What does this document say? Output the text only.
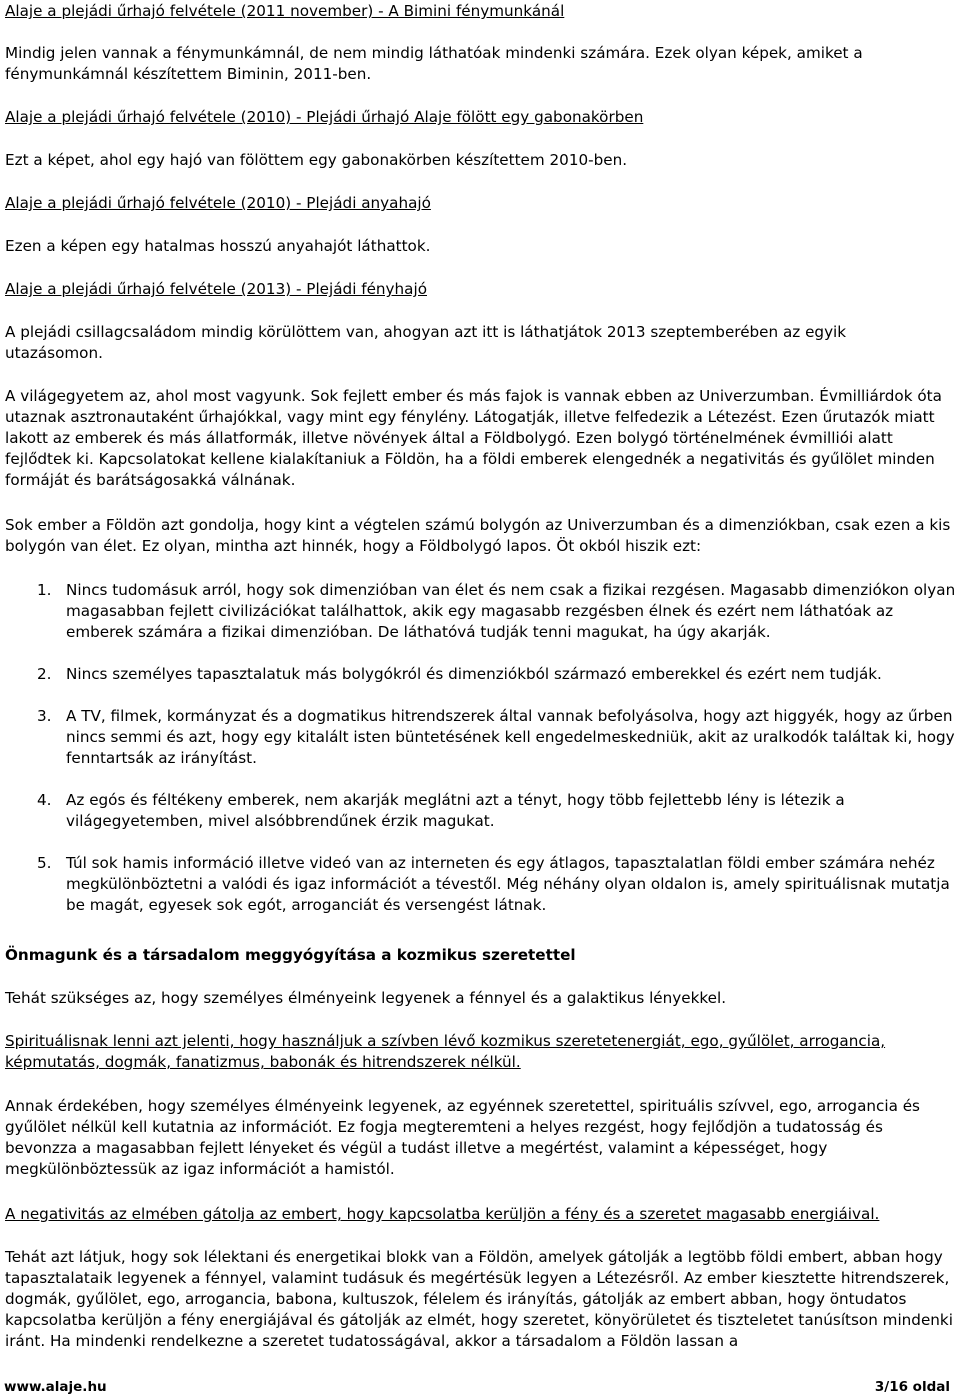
Alaje a plejádi űrhajó felvétele (2011 november) - A Bimini fénymunkánál

Mindig jelen vannak a fénymunkámnál, de nem mindig láthatóak mindenki számára. Ezek olyan képek, amiket a fénymunkámnál készítettem Biminin, 2011-ben.

Alaje a plejádi űrhajó felvétele (2010) - Plejádi űrhajó Alaje fölött egy gabonakörben

Ezt a képet, ahol egy hajó van fölöttem egy gabonakörben készítettem 2010-ben.

Alaje a plejádi űrhajó felvétele (2010) - Plejádi anyahajó

Ezen a képen egy hatalmas hosszú anyahajót láthattok.

Alaje a plejádi űrhajó felvétele (2013) - Plejádi fényhajó

A plejádi csillagcsaládom mindig körülöttem van, ahogyan azt itt is láthatjátok 2013 szeptemberében az egyik utazásomon.

A világegyetem az, ahol most vagyunk. Sok fejlett ember és más fajok is vannak ebben az Univerzumban. Évmilliárdok óta utaznak asztronautaként űrhajókkal, vagy mint egy fénylény. Látogatják, illetve felfedezik a Létezést. Ezen űrutazók miatt lakott az emberek és más állatformák, illetve növények által a Földbolygó. Ezen bolygó történelmének évmilliói alatt fejlődtek ki. Kapcsolatokat kellene kialakítaniuk a Földön, ha a földi emberek elengednék a negativitás és gyűlölet minden formáját és barátságosakká válnának.

Sok ember a Földön azt gondolja, hogy kint a végtelen számú bolygón az Univerzumban és a dimenziókban, csak ezen a kis bolygón van élet. Ez olyan, mintha azt hinnék, hogy a Földbolygó lapos. Öt okból hiszik ezt:

1. Nincs tudomásuk arról, hogy sok dimenzióban van élet és nem csak a fizikai rezgésen. Magasabb dimenziókon olyan magasabban fejlett civilizációkat találhattok, akik egy magasabb rezgésben élnek és ezért nem láthatóak az emberek számára a fizikai dimenzióban. De láthatóvá tudják tenni magukat, ha úgy akarják.

2. Nincs személyes tapasztalatuk más bolygókról és dimenziókból származó emberekkel és ezért nem tudják.

3. A TV, filmek, kormányzat és a dogmatikus hitrendszerek által vannak befolyásolva, hogy azt higgyék, hogy az űrben nincs semmi és azt, hogy egy kitalált isten büntetésének kell engedelmeskedniük, akit az uralkodók találtak ki, hogy fenntartsák az irányítást.

4. Az egós és féltékeny emberek, nem akarják meglátni azt a tényt, hogy több fejlettebb lény is létezik a világegyetemben, mivel alsóbbrendűnek érzik magukat.

5. Túl sok hamis információ illetve videó van az interneten és egy átlagos, tapasztalatlan földi ember számára nehéz megkülönböztetni a valódi és igaz információt a tévestől. Még néhány olyan oldalon is, amely spirituálisnak mutatja be magát, egyesek sok egót, arroganciát és versengést látnak.

Önmagunk és a társadalom meggyógyítása a kozmikus szeretettel

Tehát szükséges az, hogy személyes élményeink legyenek a fénnyel és a galaktikus lényekkel.

Spirituálisnak lenni azt jelenti, hogy használjuk a szívben lévő kozmikus szeretetenergiát, ego, gyűlölet, arrogancia, képmutatás, dogmák, fanatizmus, babonák és hitrendszerek nélkül.

Annak érdekében, hogy személyes élményeink legyenek, az egyénnek szeretettel, spirituális szívvel, ego, arrogancia és gyűlölet nélkül kell kutatnia az információt. Ez fogja megteremteni a helyes rezgést, hogy fejlődjön a tudatosság és bevonzza a magasabban fejlett lényeket és végül a tudást illetve a megértést, valamint a képességet, hogy megkülönböztessük az igaz információt a hamistól.

A negativitás az elmében gátolja az embert, hogy kapcsolatba kerüljön a fény és a szeretet magasabb energiáival.

Tehát azt látjuk, hogy sok lélektani és energetikai blokk van a Földön, amelyek gátolják a legtöbb földi embert, abban hogy tapasztalataik legyenek a fénnyel, valamint tudásuk és megértésük legyen a Létezésről. Az ember kiesztette hitrendszerek, dogmák, gyűlölet, ego, arrogancia, babona, kultuszok, félelem és irányítás, gátolják az embert abban, hogy öntudatos kapcsolatba kerüljön a fény energiájával és gátolják az elmét, hogy szeretet, könyörületet és tiszteletet tanúsítson mindenki iránt. Ha mindenki rendelkezne a szeretet tudatosságával, akkor a társadalom a Földön lassan a

www.alaje.hu	3/16 oldal
